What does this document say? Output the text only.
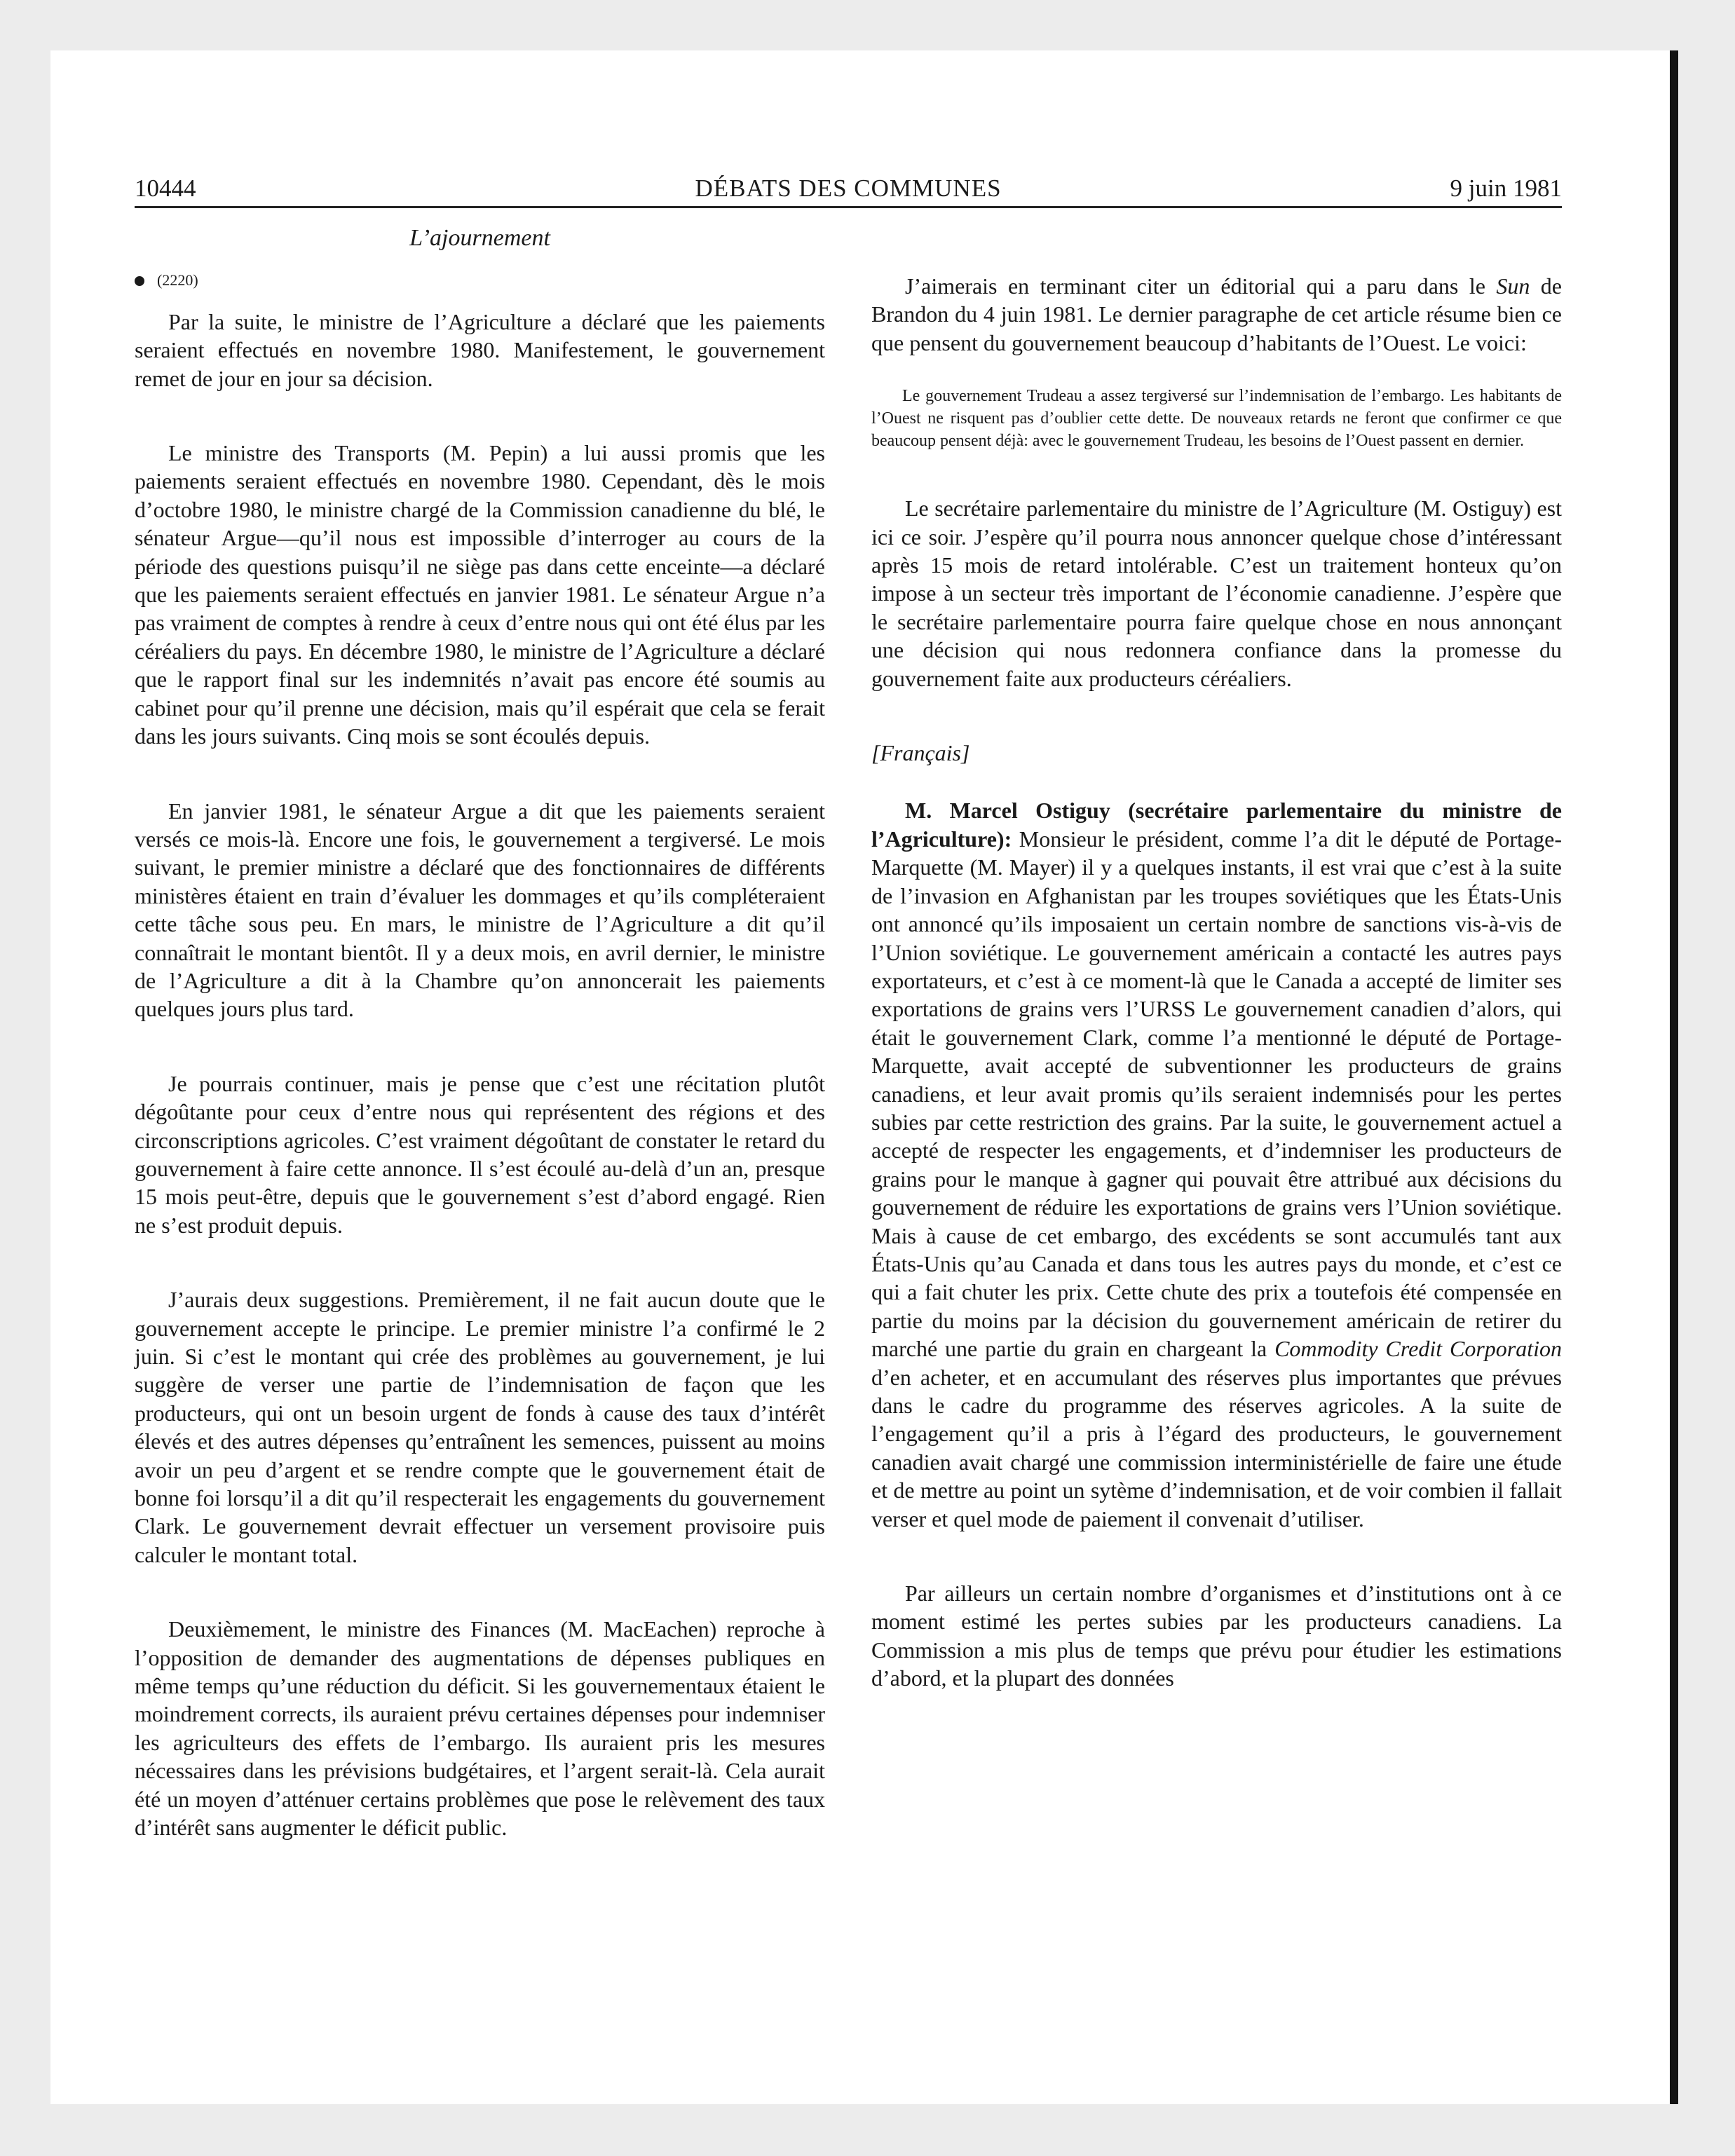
10444	DÉBATS DES COMMUNES	9 juin 1981

L’ajournement

(2220)

Par la suite, le ministre de l’Agriculture a déclaré que les paiements seraient effectués en novembre 1980. Manifestement, le gouvernement remet de jour en jour sa décision.

Le ministre des Transports (M. Pepin) a lui aussi promis que les paiements seraient effectués en novembre 1980. Cependant, dès le mois d’octobre 1980, le ministre chargé de la Commission canadienne du blé, le sénateur Argue—qu’il nous est impossible d’interroger au cours de la période des questions puisqu’il ne siège pas dans cette enceinte—a déclaré que les paiements seraient effectués en janvier 1981. Le sénateur Argue n’a pas vraiment de comptes à rendre à ceux d’entre nous qui ont été élus par les céréaliers du pays. En décembre 1980, le ministre de l’Agriculture a déclaré que le rapport final sur les indemnités n’avait pas encore été soumis au cabinet pour qu’il prenne une décision, mais qu’il espérait que cela se ferait dans les jours suivants. Cinq mois se sont écoulés depuis.

En janvier 1981, le sénateur Argue a dit que les paiements seraient versés ce mois-là. Encore une fois, le gouvernement a tergiversé. Le mois suivant, le premier ministre a déclaré que des fonctionnaires de différents ministères étaient en train d’évaluer les dommages et qu’ils compléteraient cette tâche sous peu. En mars, le ministre de l’Agriculture a dit qu’il connaîtrait le montant bientôt. Il y a deux mois, en avril dernier, le ministre de l’Agriculture a dit à la Chambre qu’on annoncerait les paiements quelques jours plus tard.

Je pourrais continuer, mais je pense que c’est une récitation plutôt dégoûtante pour ceux d’entre nous qui représentent des régions et des circonscriptions agricoles. C’est vraiment dégoûtant de constater le retard du gouvernement à faire cette annonce. Il s’est écoulé au-delà d’un an, presque 15 mois peut-être, depuis que le gouvernement s’est d’abord engagé. Rien ne s’est produit depuis.

J’aurais deux suggestions. Premièrement, il ne fait aucun doute que le gouvernement accepte le principe. Le premier ministre l’a confirmé le 2 juin. Si c’est le montant qui crée des problèmes au gouvernement, je lui suggère de verser une partie de l’indemnisation de façon que les producteurs, qui ont un besoin urgent de fonds à cause des taux d’intérêt élevés et des autres dépenses qu’entraînent les semences, puissent au moins avoir un peu d’argent et se rendre compte que le gouvernement était de bonne foi lorsqu’il a dit qu’il respecterait les engagements du gouvernement Clark. Le gouvernement devrait effectuer un versement provisoire puis calculer le montant total.

Deuxièmement, le ministre des Finances (M. MacEachen) reproche à l’opposition de demander des augmentations de dépenses publiques en même temps qu’une réduction du déficit. Si les gouvernementaux étaient le moindrement corrects, ils auraient prévu certaines dépenses pour indemniser les agriculteurs des effets de l’embargo. Ils auraient pris les mesures nécessaires dans les prévisions budgétaires, et l’argent serait-là. Cela aurait été un moyen d’atténuer certains problèmes que pose le relèvement des taux d’intérêt sans augmenter le déficit public.

J’aimerais en terminant citer un éditorial qui a paru dans le Sun de Brandon du 4 juin 1981. Le dernier paragraphe de cet article résume bien ce que pensent du gouvernement beaucoup d’habitants de l’Ouest. Le voici:

Le gouvernement Trudeau a assez tergiversé sur l’indemnisation de l’embargo. Les habitants de l’Ouest ne risquent pas d’oublier cette dette. De nouveaux retards ne feront que confirmer ce que beaucoup pensent déjà: avec le gouvernement Trudeau, les besoins de l’Ouest passent en dernier.

Le secrétaire parlementaire du ministre de l’Agriculture (M. Ostiguy) est ici ce soir. J’espère qu’il pourra nous annoncer quelque chose d’intéressant après 15 mois de retard intolérable. C’est un traitement honteux qu’on impose à un secteur très important de l’économie canadienne. J’espère que le secrétaire parlementaire pourra faire quelque chose en nous annonçant une décision qui nous redonnera confiance dans la promesse du gouvernement faite aux producteurs céréaliers.

[Français]

M. Marcel Ostiguy (secrétaire parlementaire du ministre de l’Agriculture): Monsieur le président, comme l’a dit le député de Portage-Marquette (M. Mayer) il y a quelques instants, il est vrai que c’est à la suite de l’invasion en Afghanistan par les troupes soviétiques que les États-Unis ont annoncé qu’ils imposaient un certain nombre de sanctions vis-à-vis de l’Union soviétique. Le gouvernement américain a contacté les autres pays exportateurs, et c’est à ce moment-là que le Canada a accepté de limiter ses exportations de grains vers l’URSS Le gouvernement canadien d’alors, qui était le gouvernement Clark, comme l’a mentionné le député de Portage-Marquette, avait accepté de subventionner les producteurs de grains canadiens, et leur avait promis qu’ils seraient indemnisés pour les pertes subies par cette restriction des grains. Par la suite, le gouvernement actuel a accepté de respecter les engagements, et d’indemniser les producteurs de grains pour le manque à gagner qui pouvait être attribué aux décisions du gouvernement de réduire les exportations de grains vers l’Union soviétique. Mais à cause de cet embargo, des excédents se sont accumulés tant aux États-Unis qu’au Canada et dans tous les autres pays du monde, et c’est ce qui a fait chuter les prix. Cette chute des prix a toutefois été compensée en partie du moins par la décision du gouvernement américain de retirer du marché une partie du grain en chargeant la Commodity Credit Corporation d’en acheter, et en accumulant des réserves plus importantes que prévues dans le cadre du programme des réserves agricoles. A la suite de l’engagement qu’il a pris à l’égard des producteurs, le gouvernement canadien avait chargé une commission interministérielle de faire une étude et de mettre au point un sytème d’indemnisation, et de voir combien il fallait verser et quel mode de paiement il convenait d’utiliser.

Par ailleurs un certain nombre d’organismes et d’institutions ont à ce moment estimé les pertes subies par les producteurs canadiens. La Commission a mis plus de temps que prévu pour étudier les estimations d’abord, et la plupart des données
